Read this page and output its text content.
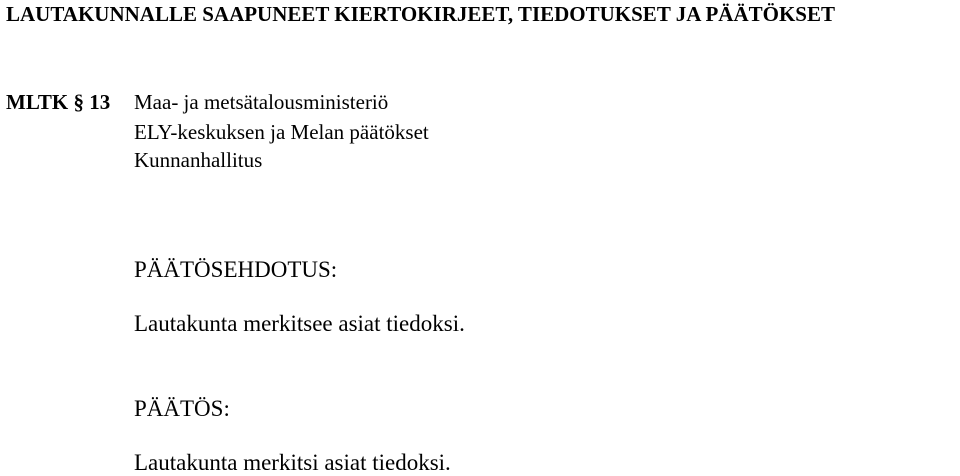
LAUTAKUNNALLE SAAPUNEET KIERTOKIRJEET, TIEDOTUKSET JA PÄÄTÖKSET
MLTK § 13 Maa- ja metsätalousministeriö
ELY-keskuksen ja Melan päätökset
Kunnanhallitus
PÄÄTÖSEHDOTUS:
Lautakunta merkitsee asiat tiedoksi.
PÄÄTÖS:
Lautakunta merkitsi asiat tiedoksi.
